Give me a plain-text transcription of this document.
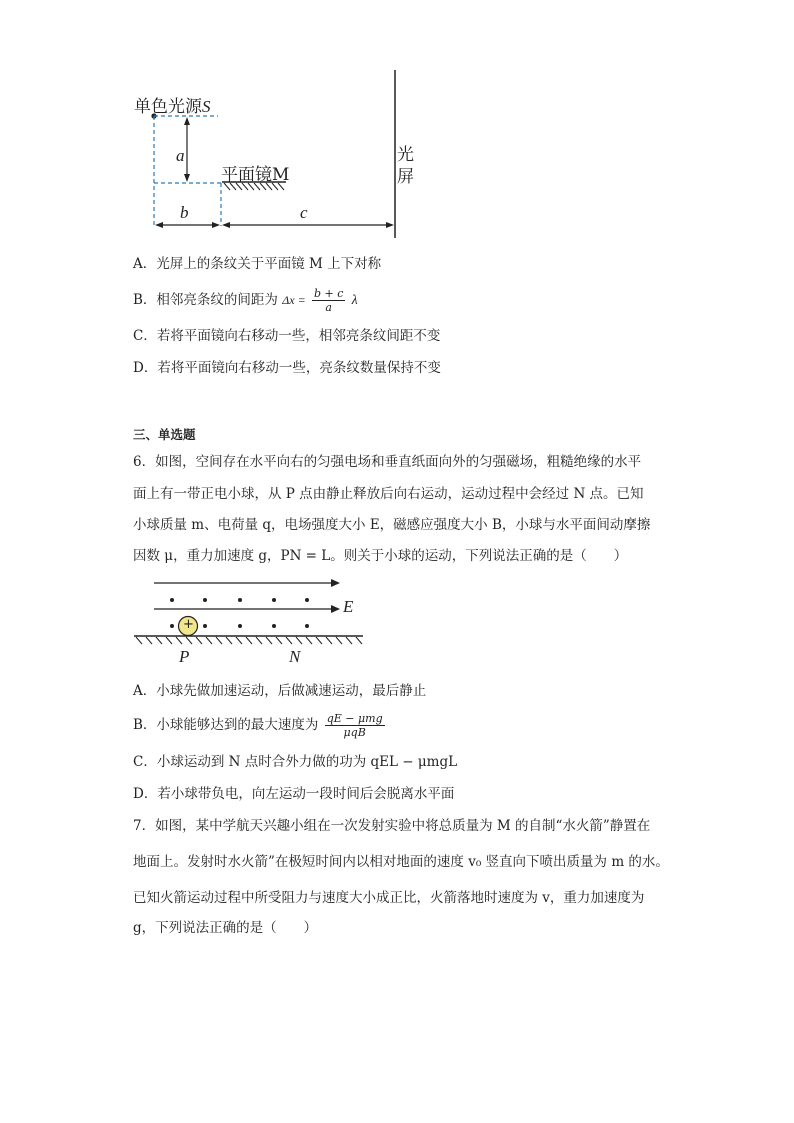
单色光源S
a
平面镜M
b	c
光
屏
A．光屏上的条纹关于平面镜 M 上下对称
B．相邻亮条纹的间距为 $\Delta x = \frac{b + c}{a}$ λ
C．若将平面镜向右移动一些，相邻亮条纹间距不变
D．若将平面镜向右移动一些，亮条纹数量保持不变
三、单选题
6．如图，空间存在水平向右的匀强电场和垂直纸面向外的匀强磁场，粗糙绝缘的水平
面上有一带正电小球，从 P 点由静止释放后向右运动，运动过程中会经过 N 点。已知
小球质量 m、电荷量 q，电场强度大小 E，磁感应强度大小 B，小球与水平面间动摩擦
因数 μ，重力加速度 g，PN = L。则关于小球的运动，下列说法正确的是（　　）
+
E
P	N
A．小球先做加速运动，后做减速运动，最后静止
B．小球能够达到的最大速度为 $\frac{\text{qE − μmg}}{\text{μqB}}$
C．小球运动到 N 点时合外力做的功为 qEL − μmgL
D．若小球带负电，向左运动一段时间后会脱离水平面
7．如图，某中学航天兴趣小组在一次发射实验中将总质量为 M 的自制“水火箭”静置在
地面上。发射时水火箭”在极短时间内以相对地面的速度 v₀ 竖直向下喷出质量为 m 的水。
已知火箭运动过程中所受阻力与速度大小成正比，火箭落地时速度为 v，重力加速度为
g，下列说法正确的是（　　）
